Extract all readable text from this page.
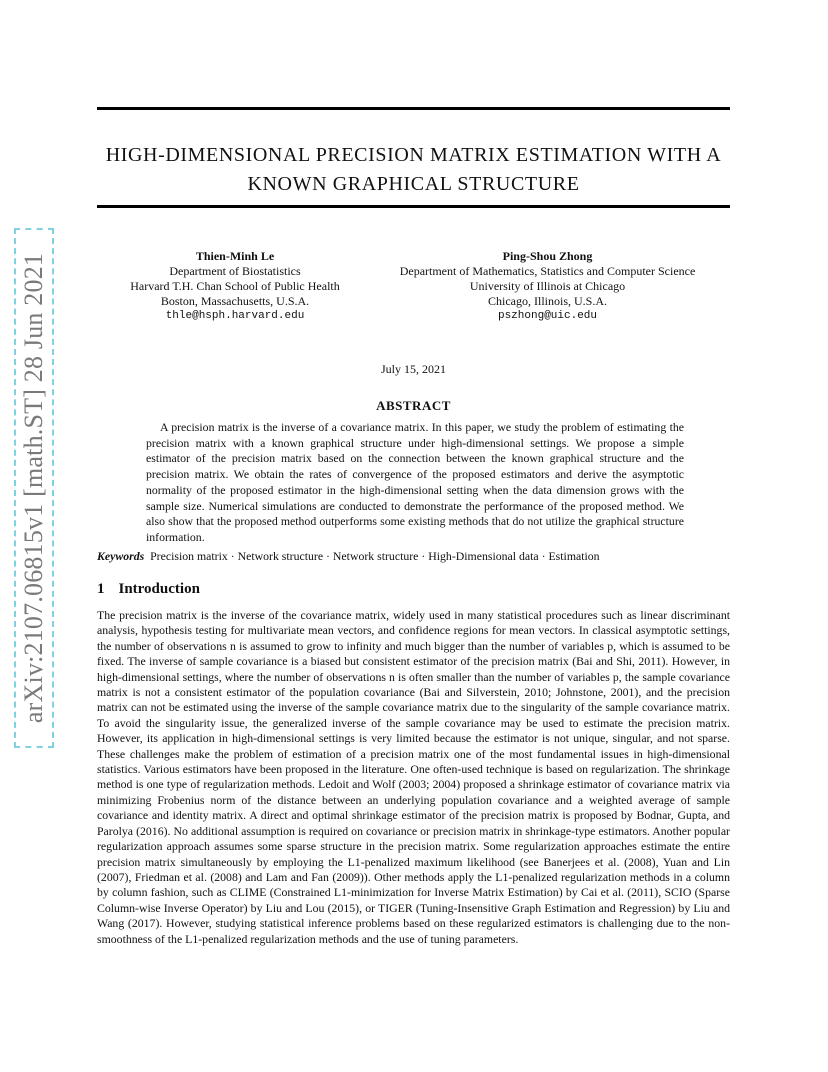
arXiv:2107.06815v1 [math.ST] 28 Jun 2021
HIGH-DIMENSIONAL PRECISION MATRIX ESTIMATION WITH A KNOWN GRAPHICAL STRUCTURE
Thien-Minh Le
Department of Biostatistics
Harvard T.H. Chan School of Public Health
Boston, Massachusetts, U.S.A.
thle@hsph.harvard.edu
Ping-Shou Zhong
Department of Mathematics, Statistics and Computer Science
University of Illinois at Chicago
Chicago, Illinois, U.S.A.
pszhong@uic.edu
July 15, 2021
ABSTRACT

A precision matrix is the inverse of a covariance matrix. In this paper, we study the problem of estimating the precision matrix with a known graphical structure under high-dimensional settings. We propose a simple estimator of the precision matrix based on the connection between the known graphical structure and the precision matrix. We obtain the rates of convergence of the proposed estimators and derive the asymptotic normality of the proposed estimator in the high-dimensional setting when the data dimension grows with the sample size. Numerical simulations are conducted to demonstrate the performance of the proposed method. We also show that the proposed method outperforms some existing methods that do not utilize the graphical structure information.

Keywords Precision matrix · Network structure · Network structure · High-Dimensional data · Estimation
1 Introduction

The precision matrix is the inverse of the covariance matrix, widely used in many statistical procedures such as linear discriminant analysis, hypothesis testing for multivariate mean vectors, and confidence regions for mean vectors. In classical asymptotic settings, the number of observations n is assumed to grow to infinity and much bigger than the number of variables p, which is assumed to be fixed. The inverse of sample covariance is a biased but consistent estimator of the precision matrix (Bai and Shi, 2011). However, in high-dimensional settings, where the number of observations n is often smaller than the number of variables p, the sample covariance matrix is not a consistent estimator of the population covariance (Bai and Silverstein, 2010; Johnstone, 2001), and the precision matrix can not be estimated using the inverse of the sample covariance matrix due to the singularity of the sample covariance matrix. To avoid the singularity issue, the generalized inverse of the sample covariance may be used to estimate the precision matrix. However, its application in high-dimensional settings is very limited because the estimator is not unique, singular, and not sparse. These challenges make the problem of estimation of a precision matrix one of the most fundamental issues in high-dimensional statistics. Various estimators have been proposed in the literature. One often-used technique is based on regularization. The shrinkage method is one type of regularization methods. Ledoit and Wolf (2003; 2004) proposed a shrinkage estimator of covariance matrix via minimizing Frobenius norm of the distance between an underlying population covariance and a weighted average of sample covariance and identity matrix. A direct and optimal shrinkage estimator of the precision matrix is proposed by Bodnar, Gupta, and Parolya (2016). No additional assumption is required on covariance or precision matrix in shrinkage-type estimators. Another popular regularization approach assumes some sparse structure in the precision matrix. Some regularization approaches estimate the entire precision matrix simultaneously by employing the L1-penalized maximum likelihood (see Banerjees et al. (2008), Yuan and Lin (2007), Friedman et al. (2008) and Lam and Fan (2009)). Other methods apply the L1-penalized regularization methods in a column by column fashion, such as CLIME (Constrained L1-minimization for Inverse Matrix Estimation) by Cai et al. (2011), SCIO (Sparse Column-wise Inverse Operator) by Liu and Lou (2015), or TIGER (Tuning-Insensitive Graph Estimation and Regression) by Liu and Wang (2017). However, studying statistical inference problems based on these regularized estimators is challenging due to the non-smoothness of the L1-penalized regularization methods and the use of tuning parameters.
